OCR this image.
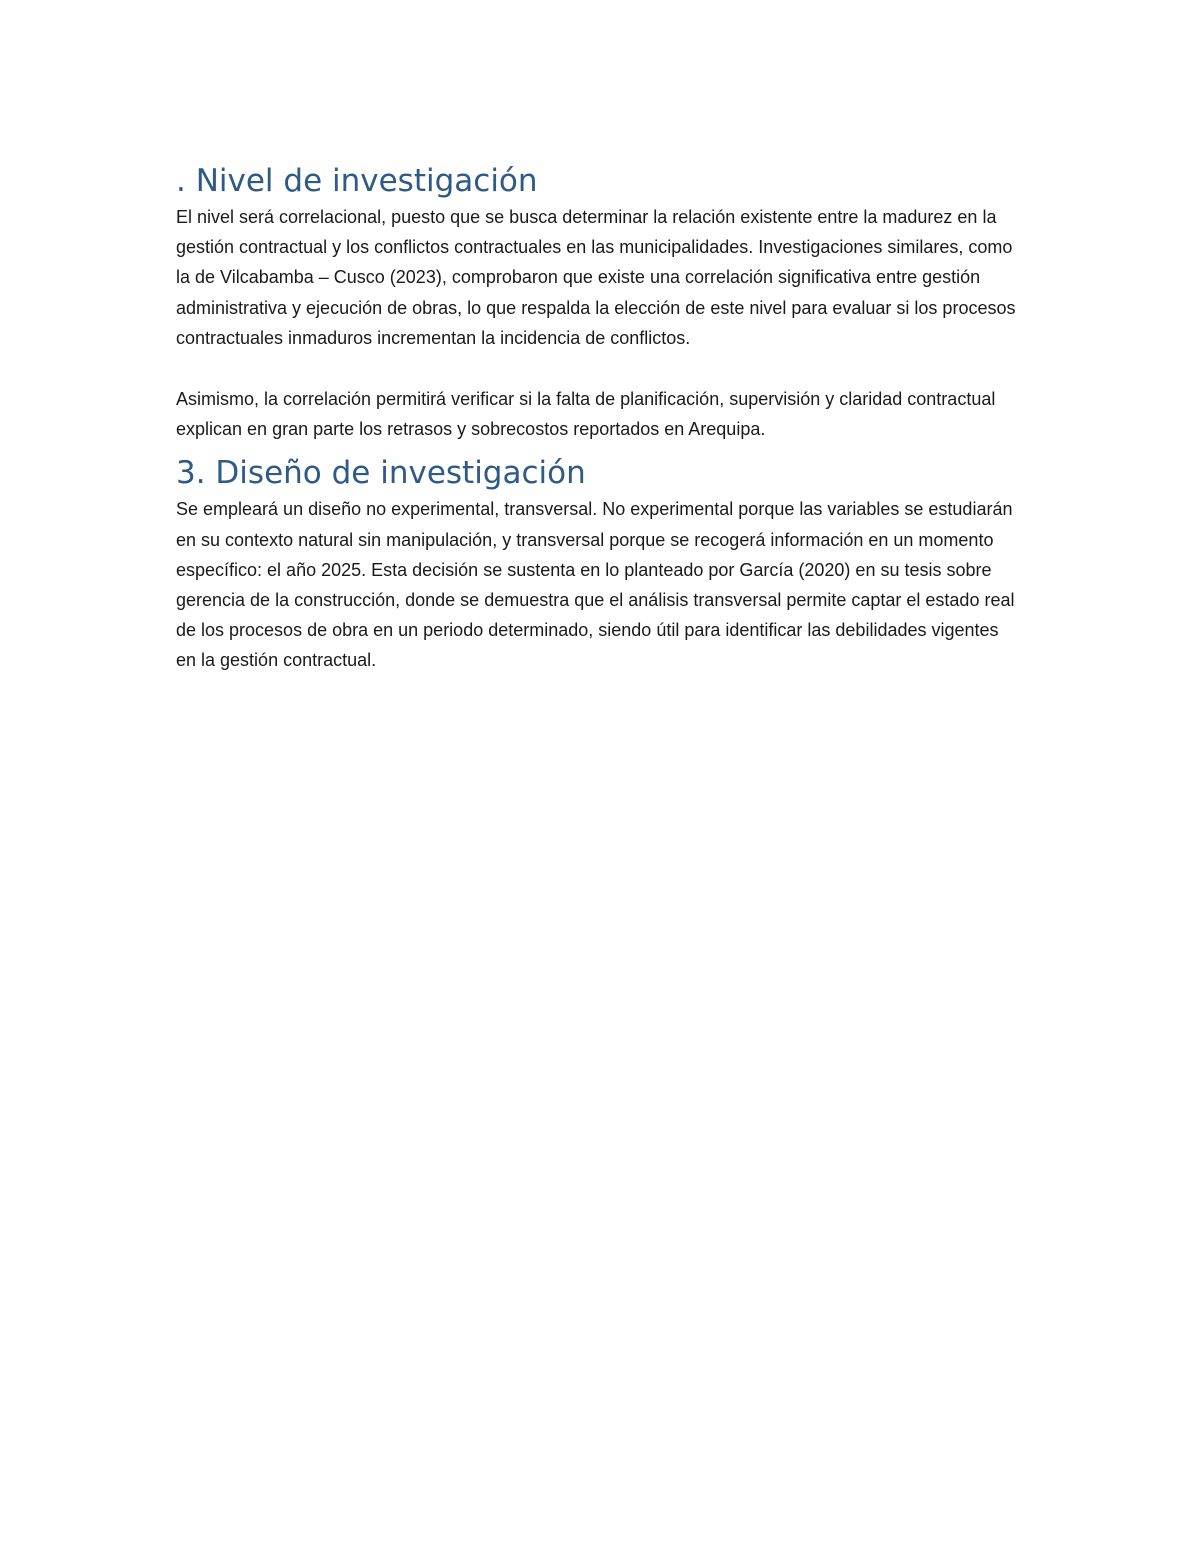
. Nivel de investigación

El nivel será correlacional, puesto que se busca determinar la relación existente entre la madurez en la gestión contractual y los conflictos contractuales en las municipalidades. Investigaciones similares, como la de Vilcabamba – Cusco (2023), comprobaron que existe una correlación significativa entre gestión administrativa y ejecución de obras, lo que respalda la elección de este nivel para evaluar si los procesos contractuales inmaduros incrementan la incidencia de conflictos.

Asimismo, la correlación permitirá verificar si la falta de planificación, supervisión y claridad contractual explican en gran parte los retrasos y sobrecostos reportados en Arequipa.

3. Diseño de investigación

Se empleará un diseño no experimental, transversal. No experimental porque las variables se estudiarán en su contexto natural sin manipulación, y transversal porque se recogerá información en un momento específico: el año 2025. Esta decisión se sustenta en lo planteado por García (2020) en su tesis sobre gerencia de la construcción, donde se demuestra que el análisis transversal permite captar el estado real de los procesos de obra en un periodo determinado, siendo útil para identificar las debilidades vigentes en la gestión contractual.
